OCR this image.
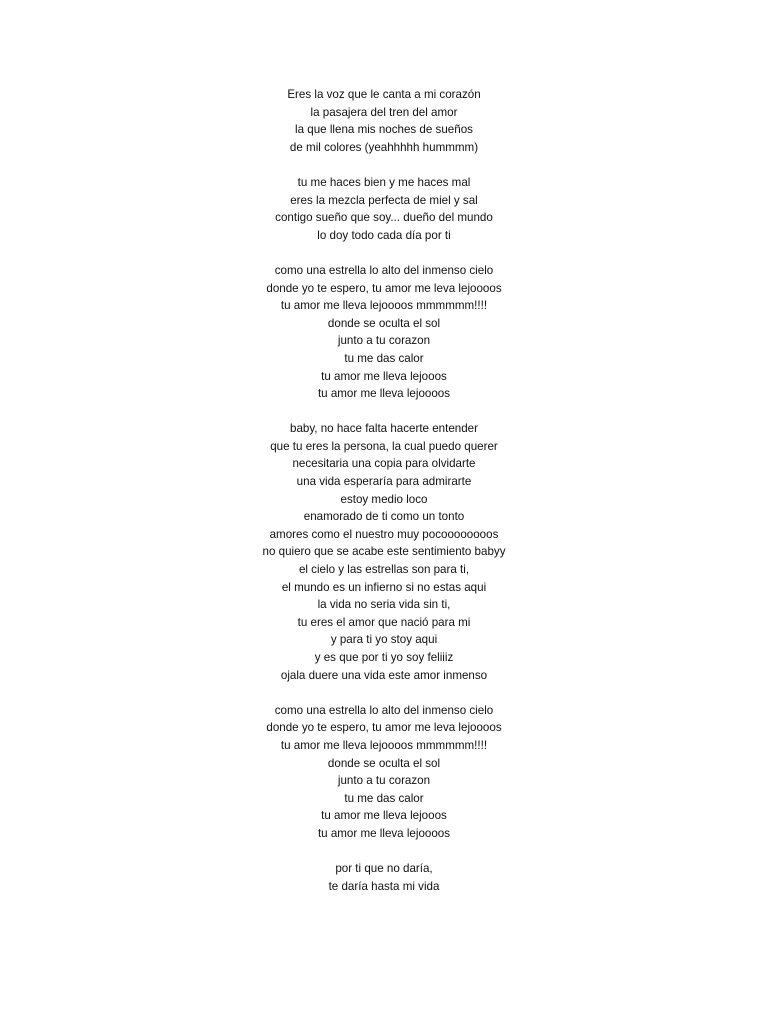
Eres la voz que le canta a mi corazón
la pasajera del tren del amor
la que llena mis noches de sueños
de mil colores (yeahhhhh hummmm)
tu me haces bien y me haces mal
eres la mezcla perfecta de miel y sal
contigo sueño que soy... dueño del mundo
lo doy todo cada día por ti
como una estrella lo alto del inmenso cielo
donde yo te espero, tu amor me leva lejoooos
tu amor me lleva lejoooos mmmmmm!!!!
donde se oculta el sol
junto a tu corazon
tu me das calor
tu amor me lleva lejooos
tu amor me lleva lejoooos
baby, no hace falta hacerte entender
que tu eres la persona, la cual puedo querer
necesitaria una copia para olvidarte
una vida esperaría para admirarte
estoy medio loco
enamorado de ti como un tonto
amores como el nuestro muy pocoooooooos
no quiero que se acabe este sentimiento babyy
el cielo y las estrellas son para ti,
el mundo es un infierno si no estas aqui
la vida no seria vida sin ti,
tu eres el amor que nació para mi
y para ti yo stoy aqui
y es que por ti yo soy feliiiz
ojala duere una vida este amor inmenso
como una estrella lo alto del inmenso cielo
donde yo te espero, tu amor me leva lejoooos
tu amor me lleva lejoooos mmmmmm!!!!
donde se oculta el sol
junto a tu corazon
tu me das calor
tu amor me lleva lejooos
tu amor me lleva lejoooos
por ti que no daría,
te daría hasta mi vida
